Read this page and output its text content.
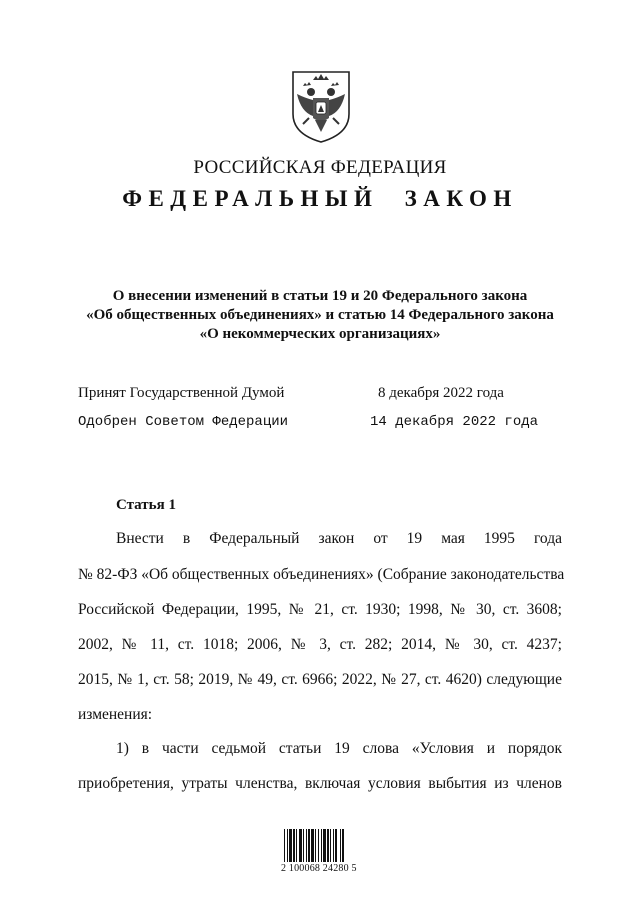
РОССИЙСКАЯ ФЕДЕРАЦИЯ
ФЕДЕРАЛЬНЫЙ ЗАКОН
О внесении изменений в статьи 19 и 20 Федерального закона
«Об общественных объединениях» и статью 14 Федерального закона
«О некоммерческих организациях»
Принят Государственной Думой	8 декабря 2022 года
Одобрен Советом Федерации	14 декабря 2022 года
Статья 1
Внести в Федеральный закон от 19 мая 1995 года
№ 82-ФЗ «Об общественных объединениях» (Собрание законодательства
Российской Федерации, 1995, № 21, ст. 1930; 1998, № 30, ст. 3608;
2002, № 11, ст. 1018; 2006, № 3, ст. 282; 2014, № 30, ст. 4237;
2015, № 1, ст. 58; 2019, № 49, ст. 6966; 2022, № 27, ст. 4620) следующие
изменения:
1) в части седьмой статьи 19 слова «Условия и порядок
приобретения, утраты членства, включая условия выбытия из членов
2 100068 24280 5
